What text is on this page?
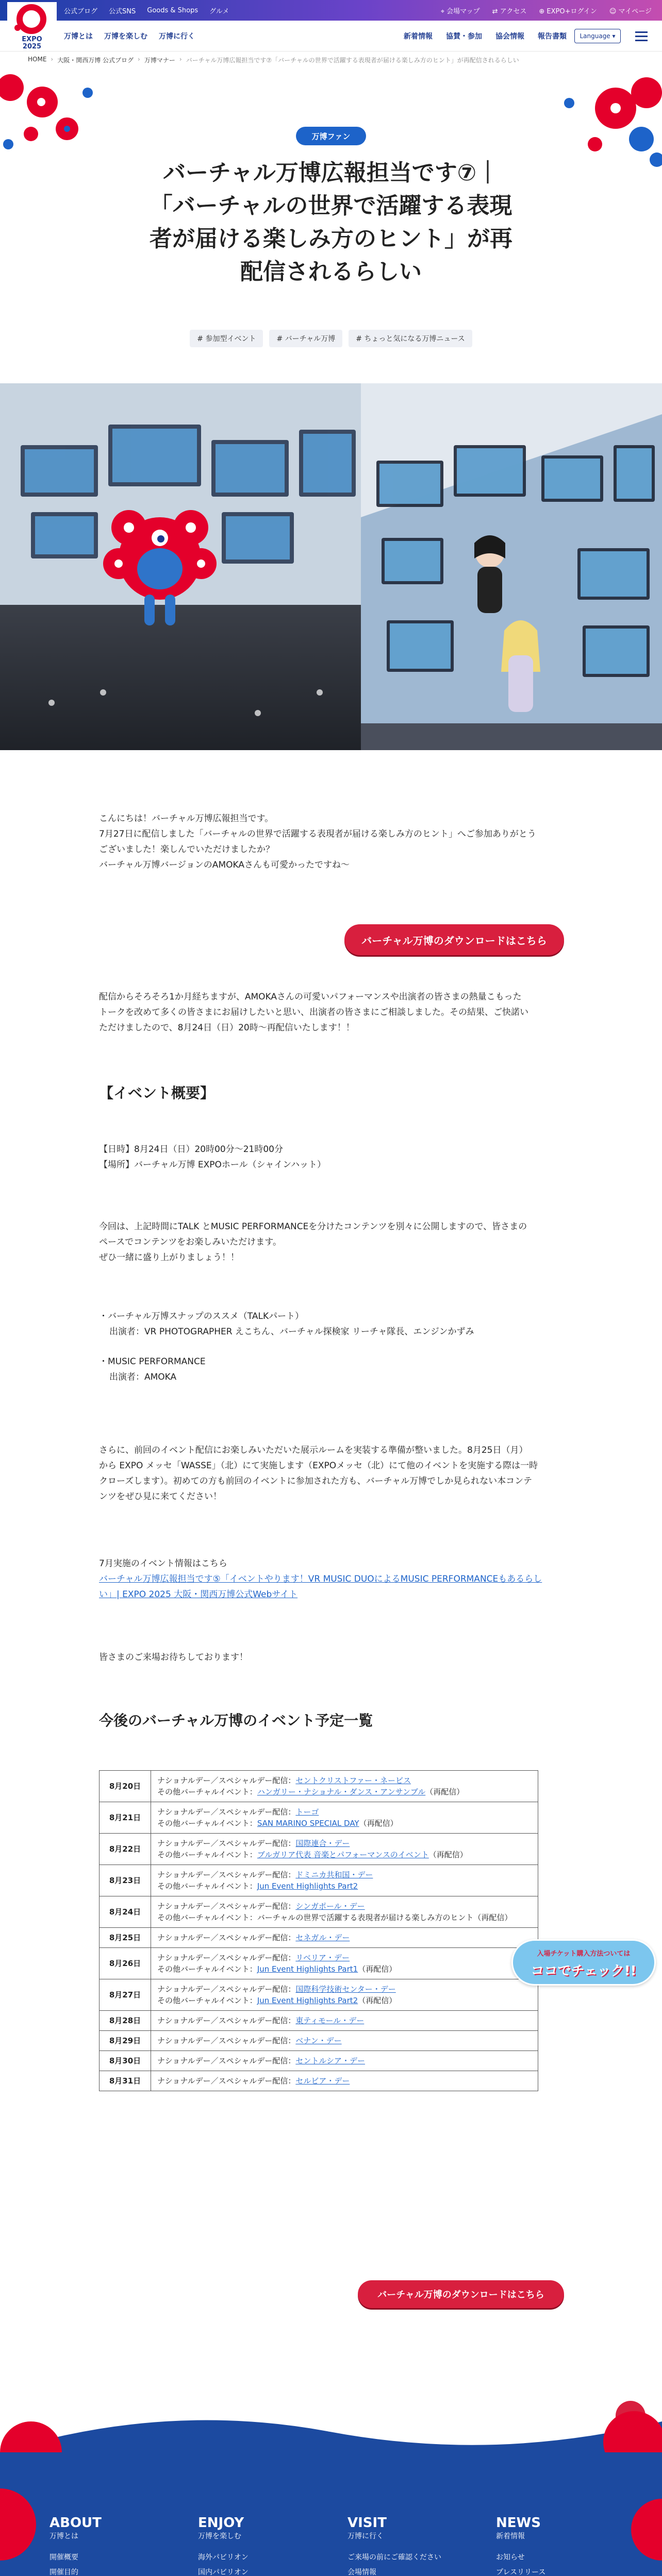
公式ブログ 公式SNS Goods & Shops グルメ	⌖ 会場マップ ⇄ アクセス ⊕ EXPO+ログイン ☺ マイページ
EXPO 2025
万博とは 万博を楽しむ 万博に行く	新着情報 協賛・参加 協会情報 報告書類	Language ▾
HOME › 大阪・関西万博 公式ブログ › 万博マナー › バーチャル万博広報担当です⑦「バーチャルの世界で活躍する表現者が届ける楽しみ方のヒント」が再配信されるらしい
万博ファン
バーチャル万博広報担当です⑦｜
「バーチャルの世界で活躍する表現
者が届ける楽しみ方のヒント」が再
配信されるらしい
# 参加型イベント	# バーチャル万博	# ちょっと気になる万博ニュース

こんにちは！バーチャル万博広報担当です。

7月27日に配信しました「バーチャルの世界で活躍する表現者が届ける楽しみ方のヒント」へご参加ありがとう

ございました！楽しんでいただけましたか？

バーチャル万博バージョンのAMOKAさんも可愛かったですね～

バーチャル万博のダウンロードはこちら

配信からそろそろ1か月経ちますが、AMOKAさんの可愛いパフォーマンスや出演者の皆さまの熱量こもった

トークを改めて多くの皆さまにお届けしたいと思い、出演者の皆さまにご相談しました。その結果、ご快諾い

ただけましたので、8月24日（日）20時～再配信いたします！！

【イベント概要】

【日時】8月24日（日）20時00分～21時00分

【場所】バーチャル万博 EXPOホール（シャインハット）

今回は、上記時間にTALK とMUSIC PERFORMANCEを分けたコンテンツを別々に公開しますので、皆さまの

ペースでコンテンツをお楽しみいただけます。

ぜひ一緒に盛り上がりましょう！！

・バーチャル万博スナップのススメ（TALKパート）

出演者：VR PHOTOGRAPHER えこちん、バーチャル探検家 リーチャ隊長、エンジンかずみ

・MUSIC PERFORMANCE

出演者：AMOKA

さらに、前回のイベント配信にお楽しみいただいた展示ルームを実装する準備が整いました。8月25日（月）

から EXPO メッセ「WASSE」（北）にて実施します（EXPOメッセ（北）にて他のイベントを実施する際は一時

クローズします）。初めての方も前回のイベントに参加された方も、バーチャル万博でしか見られない本コンテ

ンツをぜひ見に来てください！

7月実施のイベント情報はこちら

バーチャル万博広報担当です⑤「イベントやります！VR MUSIC DUOによるMUSIC PERFORMANCEもあるらし

い」| EXPO 2025 大阪・関西万博公式Webサイト

皆さまのご来場お待ちしております！

今後のバーチャル万博のイベント予定一覧
8月20日	ナショナルデー／スペシャルデー配信：セントクリストファー・ネービス
その他バーチャルイベント：ハンガリー・ナショナル・ダンス・アンサンブル（再配信）
8月21日	ナショナルデー／スペシャルデー配信：トーゴ
その他バーチャルイベント：SAN MARINO SPECIAL DAY（再配信）
8月22日	ナショナルデー／スペシャルデー配信：国際連合・デー
その他バーチャルイベント：ブルガリア代表 音楽とパフォーマンスのイベント（再配信）
8月23日	ナショナルデー／スペシャルデー配信：ドミニカ共和国・デー
その他バーチャルイベント：Jun Event Highlights Part2
8月24日	ナショナルデー／スペシャルデー配信：シンガポール・デー
その他バーチャルイベント：バーチャルの世界で活躍する表現者が届ける楽しみ方のヒント（再配信）
8月25日	ナショナルデー／スペシャルデー配信：セネガル・デー
8月26日	ナショナルデー／スペシャルデー配信：リベリア・デー
その他バーチャルイベント：Jun Event Highlights Part1（再配信）
8月27日	ナショナルデー／スペシャルデー配信：国際科学技術センター・デー
その他バーチャルイベント：Jun Event Highlights Part2（再配信）
8月28日	ナショナルデー／スペシャルデー配信：東ティモール・デー
8月29日	ナショナルデー／スペシャルデー配信：ベナン・デー
8月30日	ナショナルデー／スペシャルデー配信：セントルシア・デー
8月31日	ナショナルデー／スペシャルデー配信：セルビア・デー
入場チケット購入方法ついては
ココでチェック!!
バーチャル万博のダウンロードはこちら
ABOUT
万博とは
開催概要
開催目的
ENJOY
万博を楽しむ
海外パビリオン
国内パビリオン
VISIT
万博に行く
ご来場の前にご確認ください
会場情報
NEWS
新着情報
お知らせ
プレスリリース
